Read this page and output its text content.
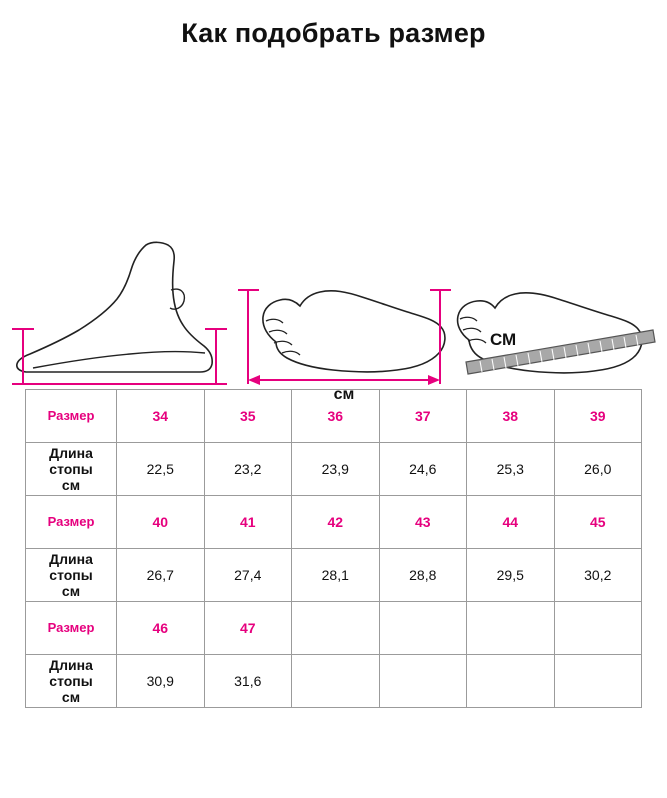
Как подобрать размер
см
СМ
Размер	34	35	36	37	38	39
Длина стопы
см	22,5	23,2	23,9	24,6	25,3	26,0
Размер	40	41	42	43	44	45
Длина стопы
см	26,7	27,4	28,1	28,8	29,5	30,2
Размер	46	47				
Длина стопы
см	30,9	31,6				
